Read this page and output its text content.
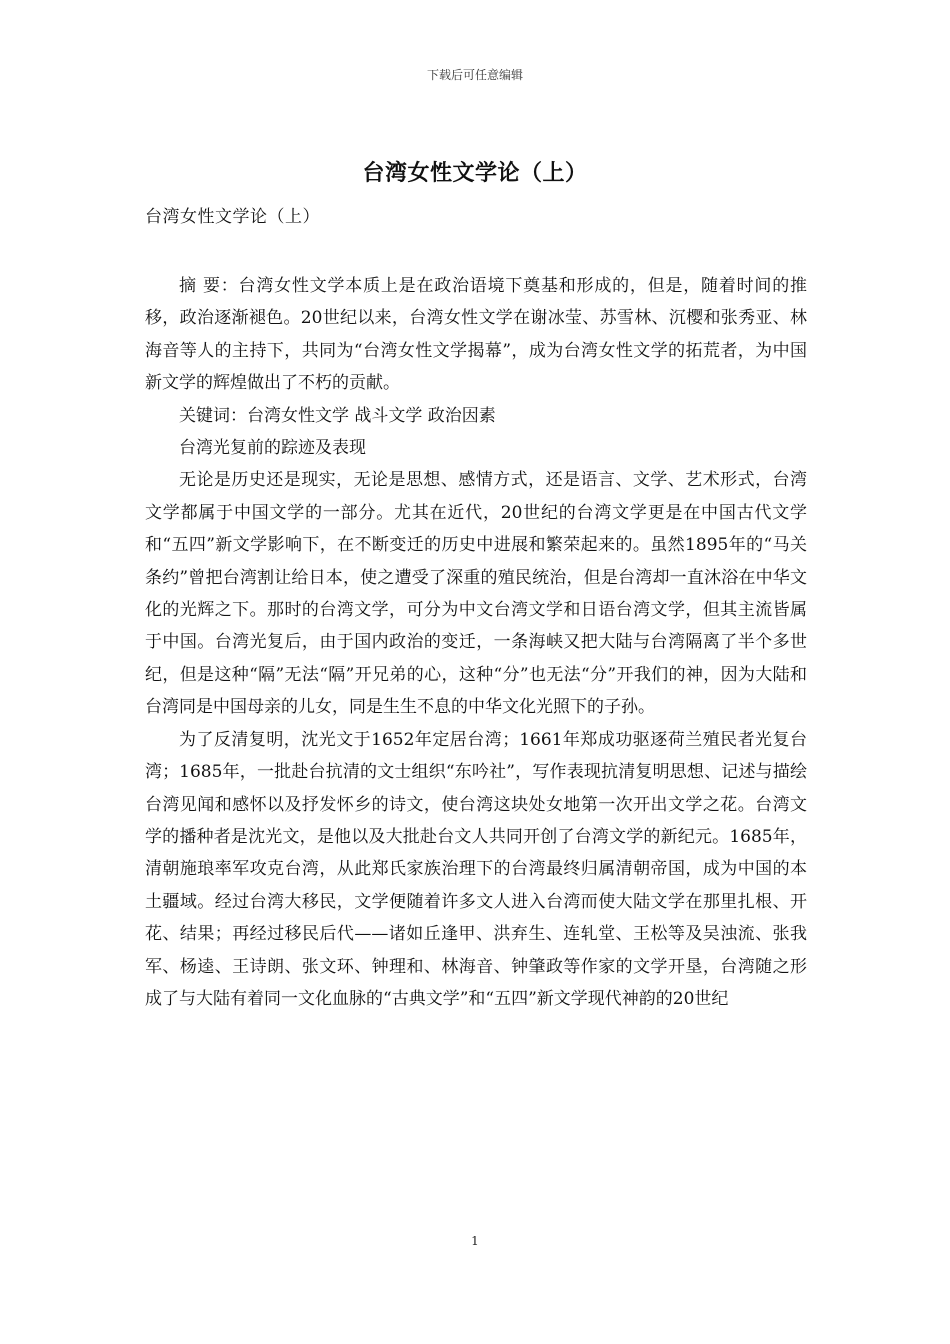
下载后可任意编辑
台湾女性文学论（上）
台湾女性文学论（上）

摘 要：台湾女性文学本质上是在政治语境下奠基和形成的，但是，随着时间的推移，政治逐渐褪色。20世纪以来，台湾女性文学在谢冰莹、苏雪林、沉樱和张秀亚、林海音等人的主持下，共同为“台湾女性文学揭幕”，成为台湾女性文学的拓荒者，为中国新文学的辉煌做出了不朽的贡献。

关键词：台湾女性文学 战斗文学 政治因素

台湾光复前的踪迹及表现

无论是历史还是现实，无论是思想、感情方式，还是语言、文学、艺术形式，台湾文学都属于中国文学的一部分。尤其在近代，20世纪的台湾文学更是在中国古代文学和“五四”新文学影响下，在不断变迁的历史中进展和繁荣起来的。虽然1895年的“马关条约”曾把台湾割让给日本，使之遭受了深重的殖民统治，但是台湾却一直沐浴在中华文化的光辉之下。那时的台湾文学，可分为中文台湾文学和日语台湾文学，但其主流皆属于中国。台湾光复后，由于国内政治的变迁，一条海峡又把大陆与台湾隔离了半个多世纪，但是这种“隔”无法“隔”开兄弟的心，这种“分”也无法“分”开我们的神，因为大陆和台湾同是中国母亲的儿女，同是生生不息的中华文化光照下的子孙。

为了反清复明，沈光文于1652年定居台湾；1661年郑成功驱逐荷兰殖民者光复台湾；1685年，一批赴台抗清的文士组织“东吟社”，写作表现抗清复明思想、记述与描绘台湾见闻和感怀以及抒发怀乡的诗文，使台湾这块处女地第一次开出文学之花。台湾文学的播种者是沈光文，是他以及大批赴台文人共同开创了台湾文学的新纪元。1685年，清朝施琅率军攻克台湾，从此郑氏家族治理下的台湾最终归属清朝帝国，成为中国的本土疆域。经过台湾大移民，文学便随着许多文人进入台湾而使大陆文学在那里扎根、开花、结果；再经过移民后代——诸如丘逢甲、洪弃生、连轧堂、王松等及吴浊流、张我军、杨逵、王诗朗、张文环、钟理和、林海音、钟肇政等作家的文学开垦，台湾随之形成了与大陆有着同一文化血脉的“古典文学”和“五四”新文学现代神韵的20世纪

1
